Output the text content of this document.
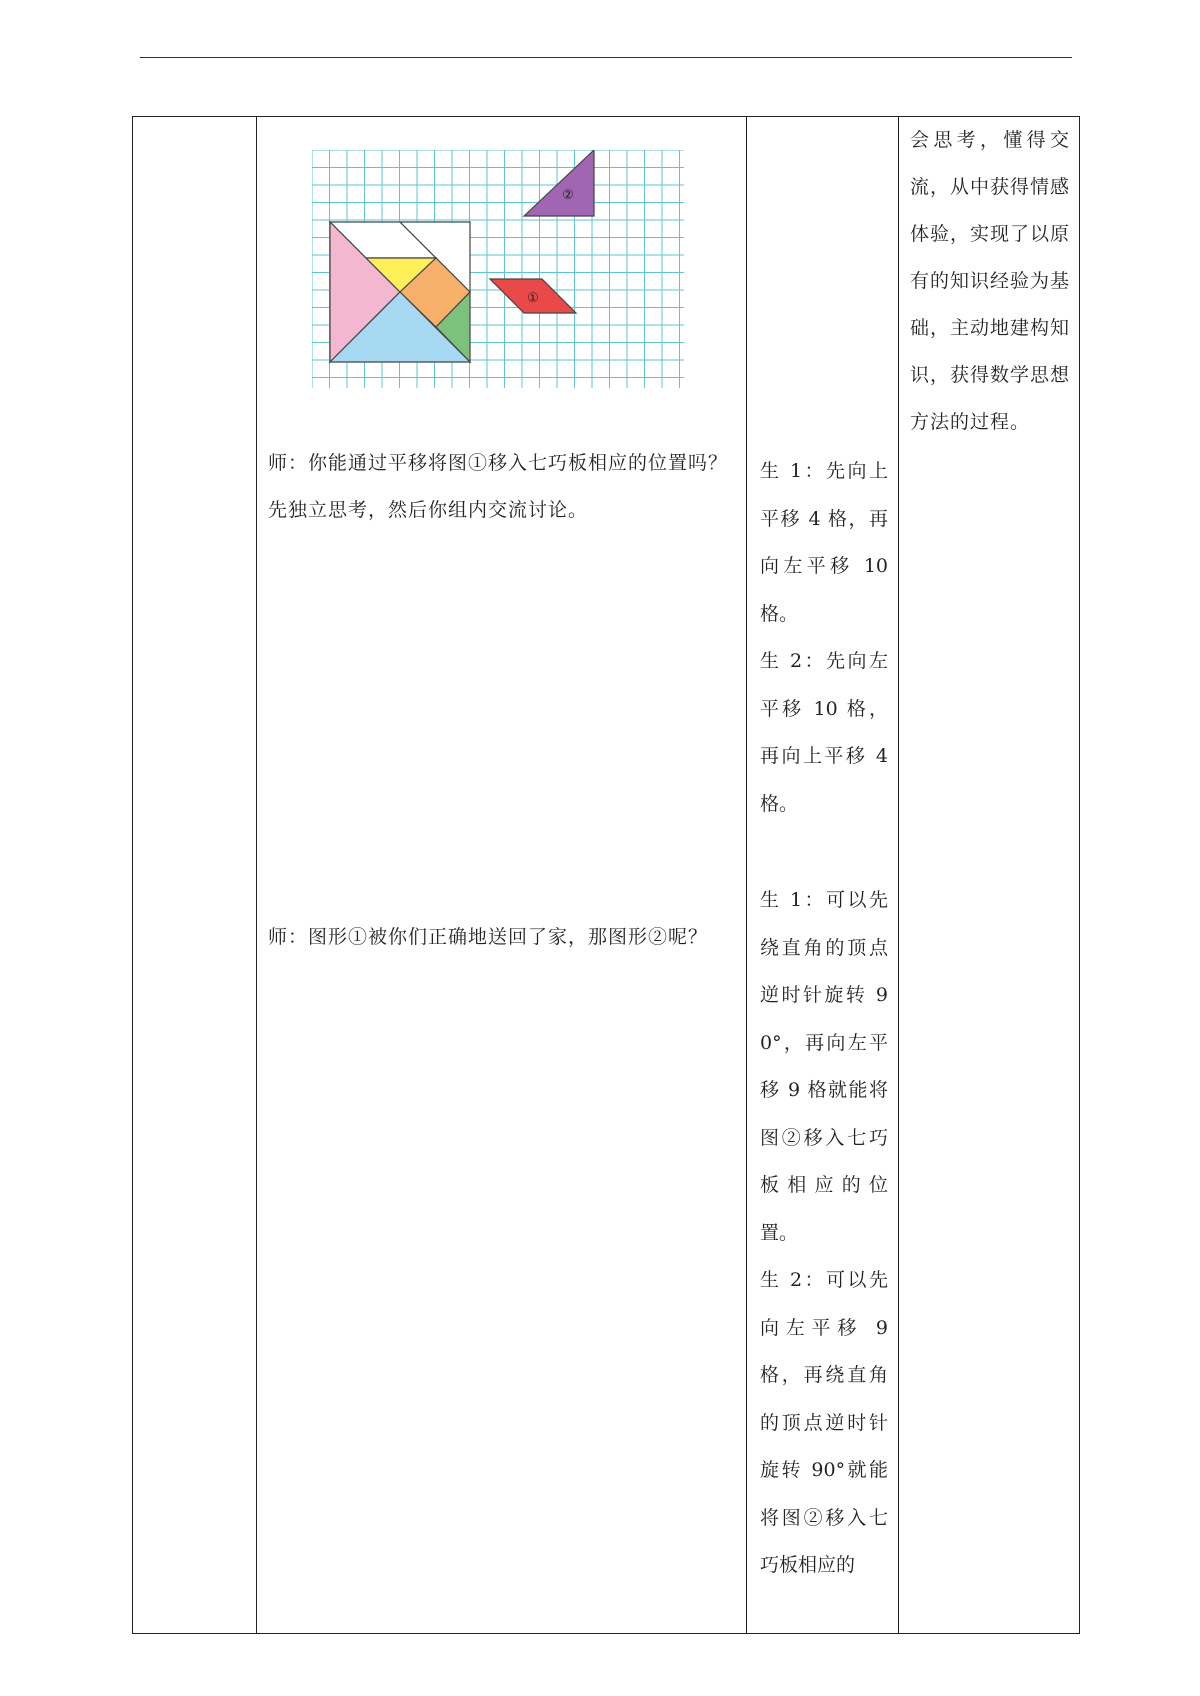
①
②

师：你能通过平移将图①移入七巧板相应的位置吗？先独立思考，然后你组内交流讨论。

师：图形①被你们正确地送回了家，那图形②呢？

生 1：先向上平移 4 格，再向左平移 10 格。

生 2：先向左平移 10 格，再向上平移 4 格。

生 1：可以先绕直角的顶点逆时针旋转 90°，再向左平移 9 格就能将图②移入七巧板相应的位置。

生 2：可以先向左平移 9 格，再绕直角的顶点逆时针旋转 90°就能将图②移入七巧板相应的

会思考，懂得交流，从中获得情感体验，实现了以原有的知识经验为基础，主动地建构知识，获得数学思想方法的过程。
